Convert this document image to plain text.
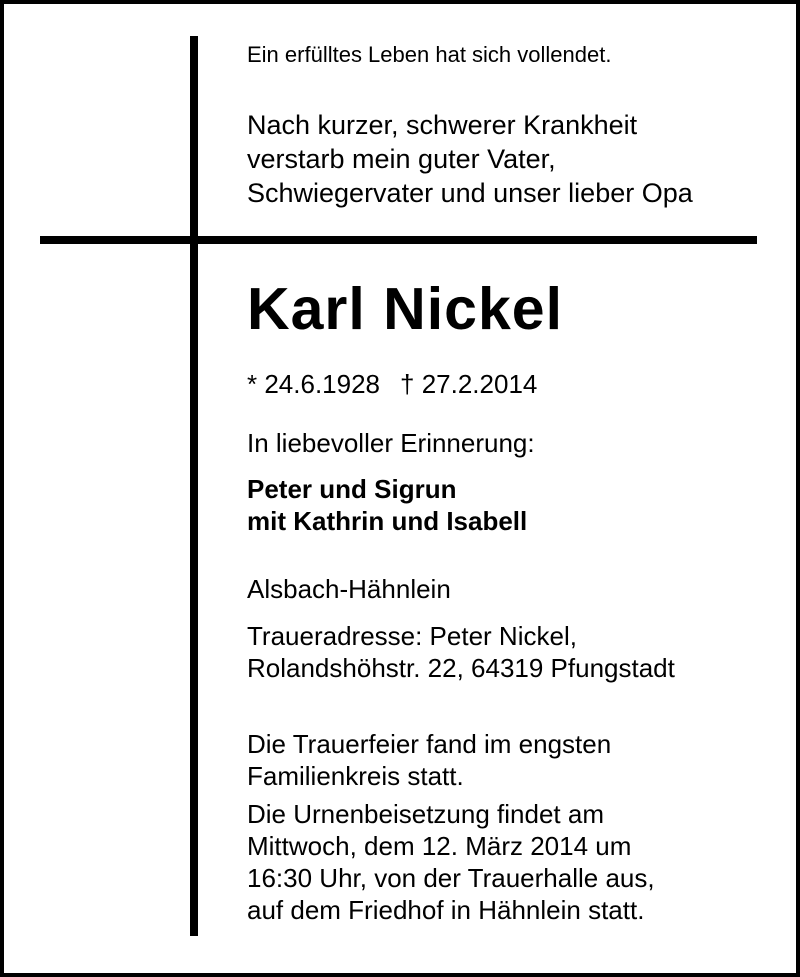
Ein erfülltes Leben hat sich vollendet.
Nach kurzer, schwerer Krankheit
verstarb mein guter Vater,
Schwiegervater und unser lieber Opa
Karl Nickel
* 24.6.1928 † 27.2.2014
In liebevoller Erinnerung:
Peter und Sigrun
mit Kathrin und Isabell
Alsbach-Hähnlein
Traueradresse: Peter Nickel,
Rolandshöhstr. 22, 64319 Pfungstadt
Die Trauerfeier fand im engsten
Familienkreis statt.
Die Urnenbeisetzung findet am
Mittwoch, dem 12. März 2014 um
16:30 Uhr, von der Trauerhalle aus,
auf dem Friedhof in Hähnlein statt.
